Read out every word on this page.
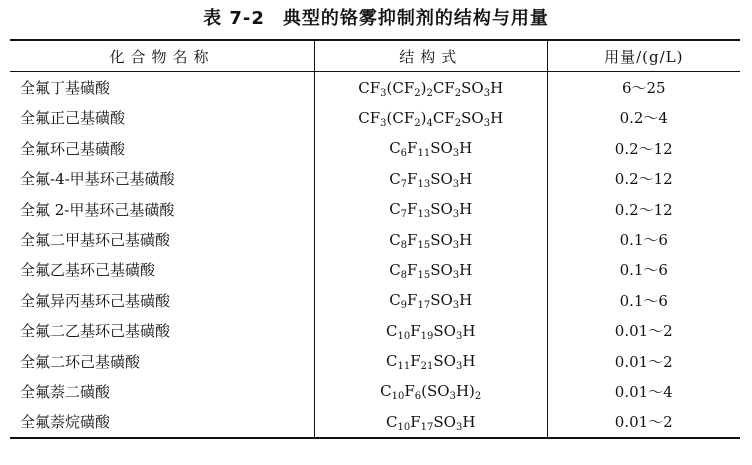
表 7-2 典型的铬雾抑制剂的结构与用量
化合物名称	结构式	用量/(g/L)
全氟丁基磺酸	$CF_3(CF_2)_2CF_2SO_3H$	6～25
全氟正己基磺酸	$CF_3(CF_2)_4CF_2SO_3H$	0.2～4
全氟环己基磺酸	$C_6F_{11}SO_3H$	0.2～12
全氟-4-甲基环己基磺酸	$C_7F_{13}SO_3H$	0.2～12
全氟 2-甲基环己基磺酸	$C_7F_{13}SO_3H$	0.2～12
全氟二甲基环己基磺酸	$C_8F_{15}SO_3H$	0.1～6
全氟乙基环己基磺酸	$C_8F_{15}SO_3H$	0.1～6
全氟异丙基环己基磺酸	$C_9F_{17}SO_3H$	0.1～6
全氟二乙基环己基磺酸	$C_{10}F_{19}SO_3H$	0.01～2
全氟二环己基磺酸	$C_{11}F_{21}SO_3H$	0.01～2
全氟萘二磺酸	$C_{10}F_6(SO_3H)_2$	0.01～4
全氟萘烷磺酸	$C_{10}F_{17}SO_3H$	0.01～2
